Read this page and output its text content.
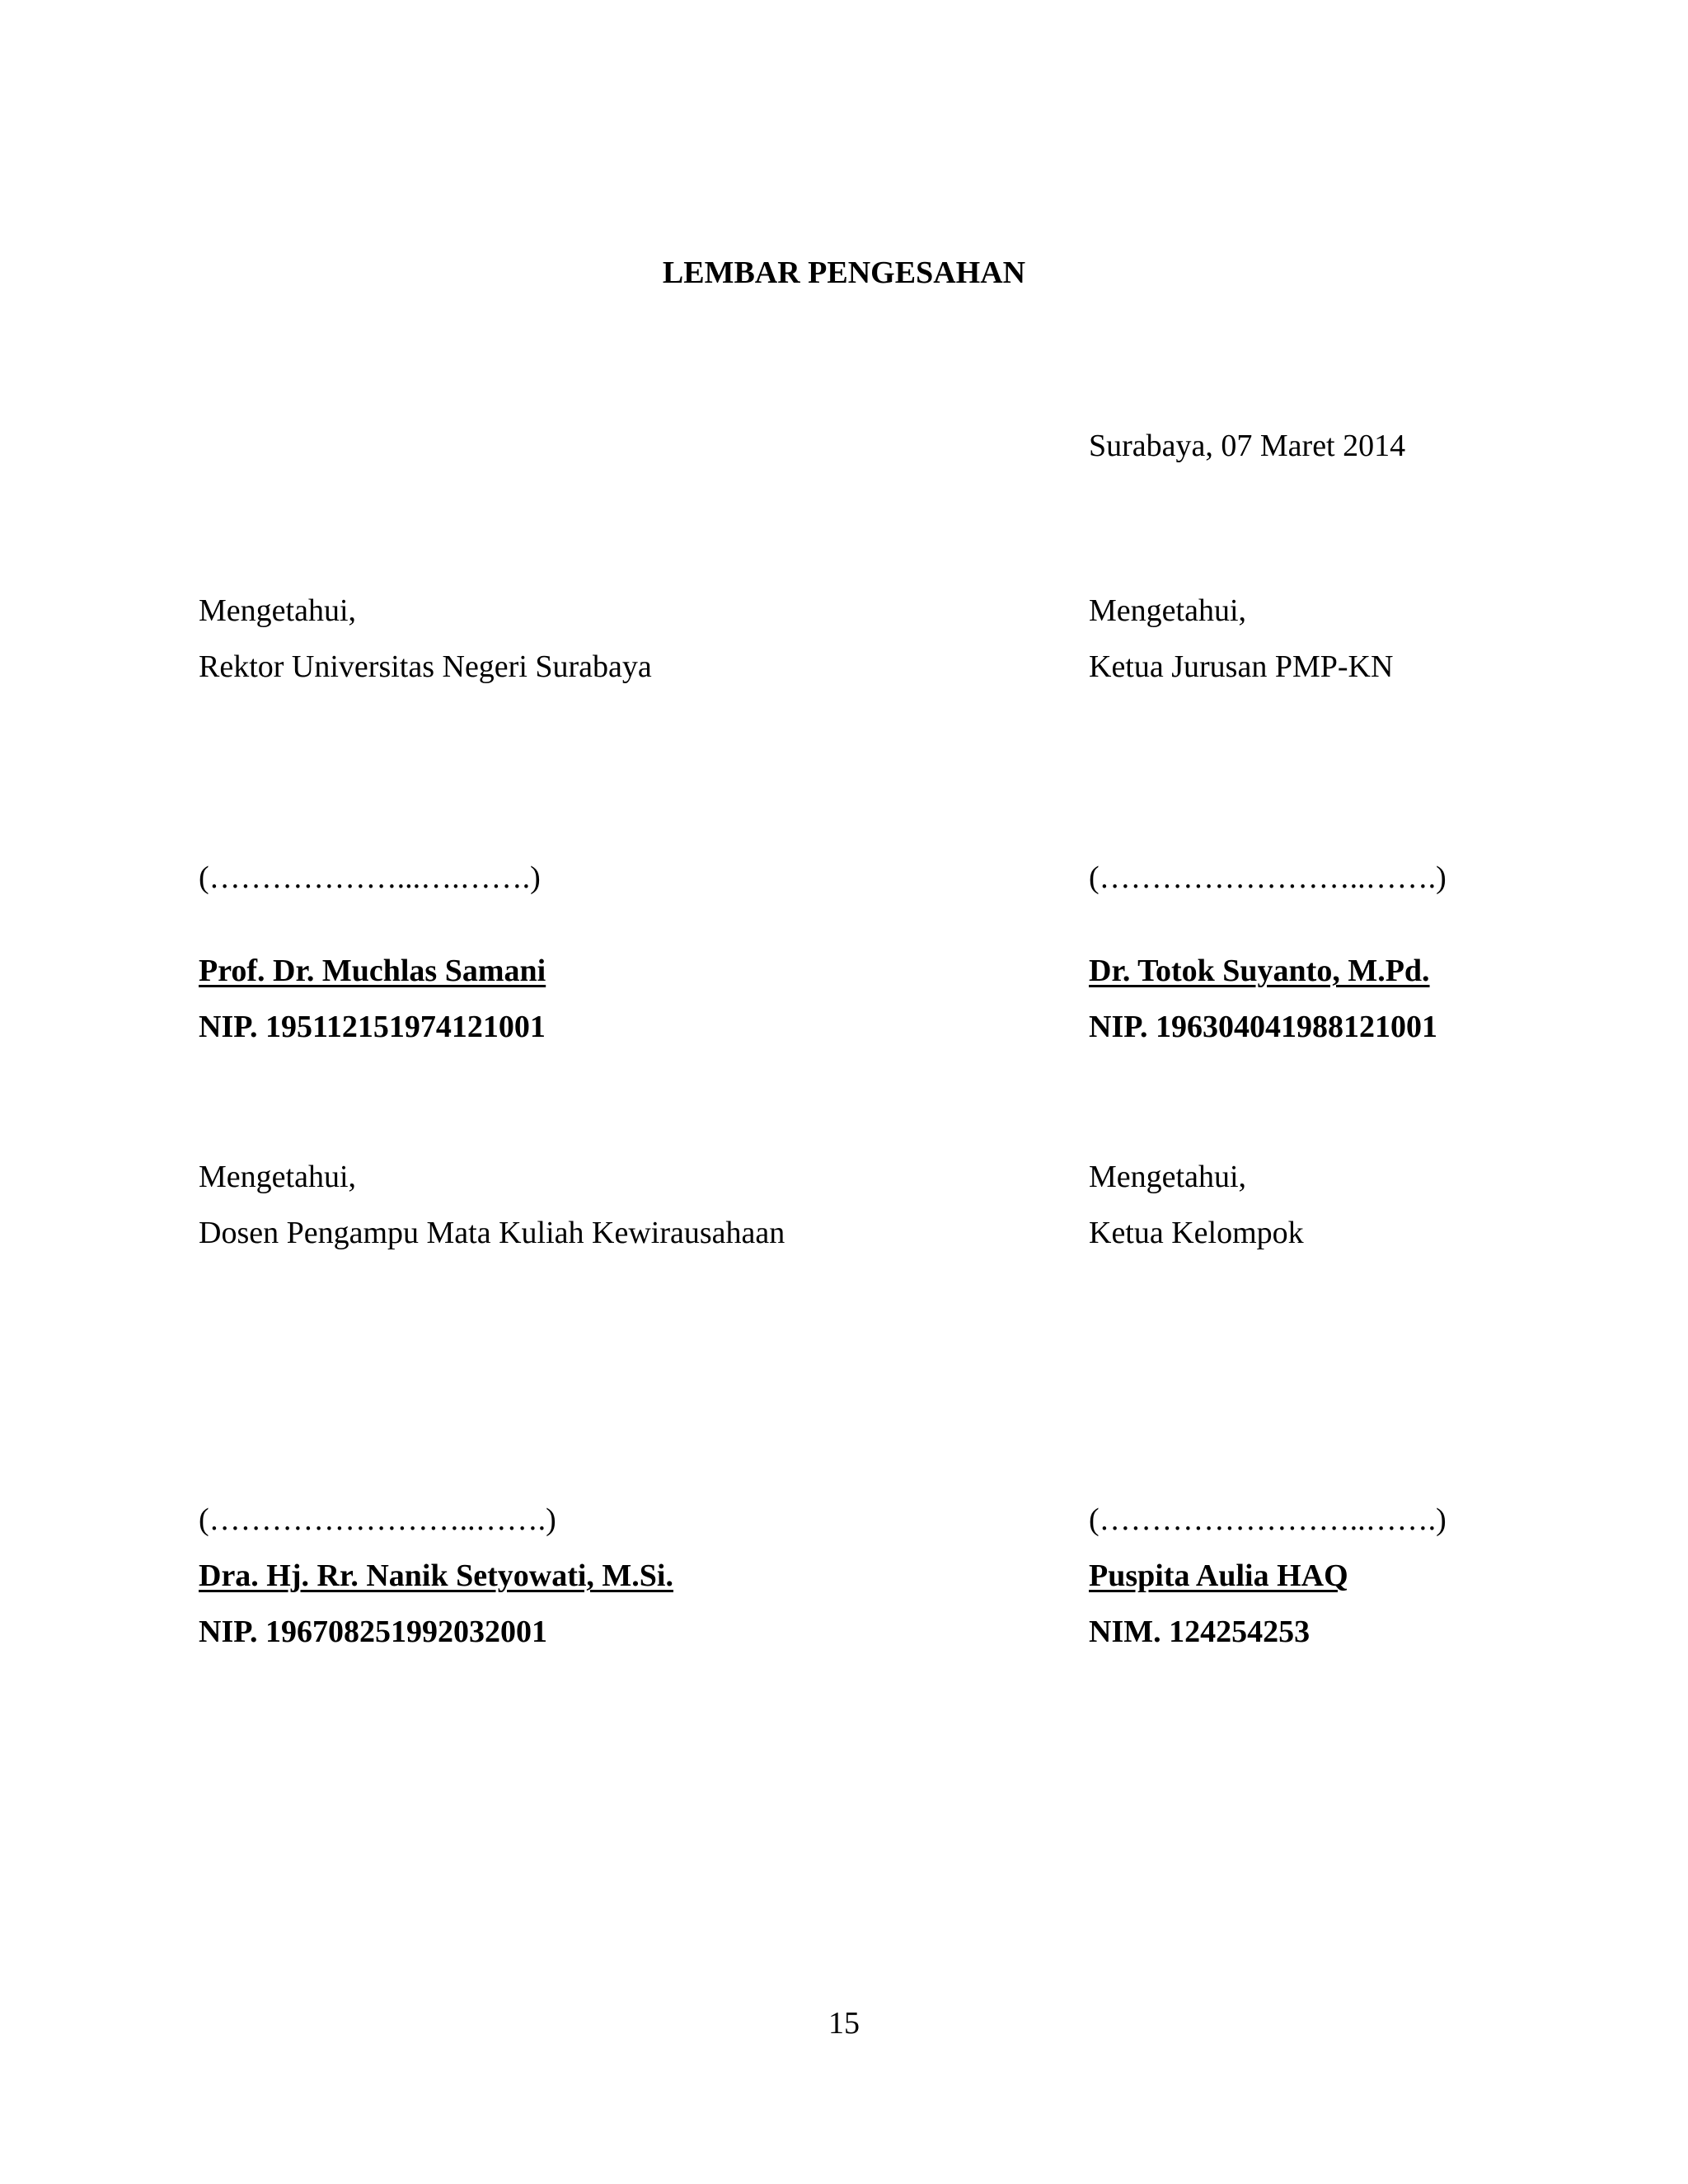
LEMBAR PENGESAHAN
Surabaya, 07 Maret 2014
Mengetahui,
Rektor Universitas Negeri Surabaya
(………………...….…….)
Prof. Dr. Muchlas Samani
NIP. 195112151974121001
Mengetahui,
Ketua Jurusan PMP-KN
(……………………..…….)
Dr. Totok Suyanto, M.Pd.
NIP. 196304041988121001
Mengetahui,
Dosen Pengampu Mata Kuliah Kewirausahaan
(……………………..…….)
Dra. Hj. Rr. Nanik Setyowati, M.Si.
NIP. 196708251992032001
Mengetahui,
Ketua Kelompok
(……………………..…….)
Puspita Aulia HAQ
NIM. 124254253
15
